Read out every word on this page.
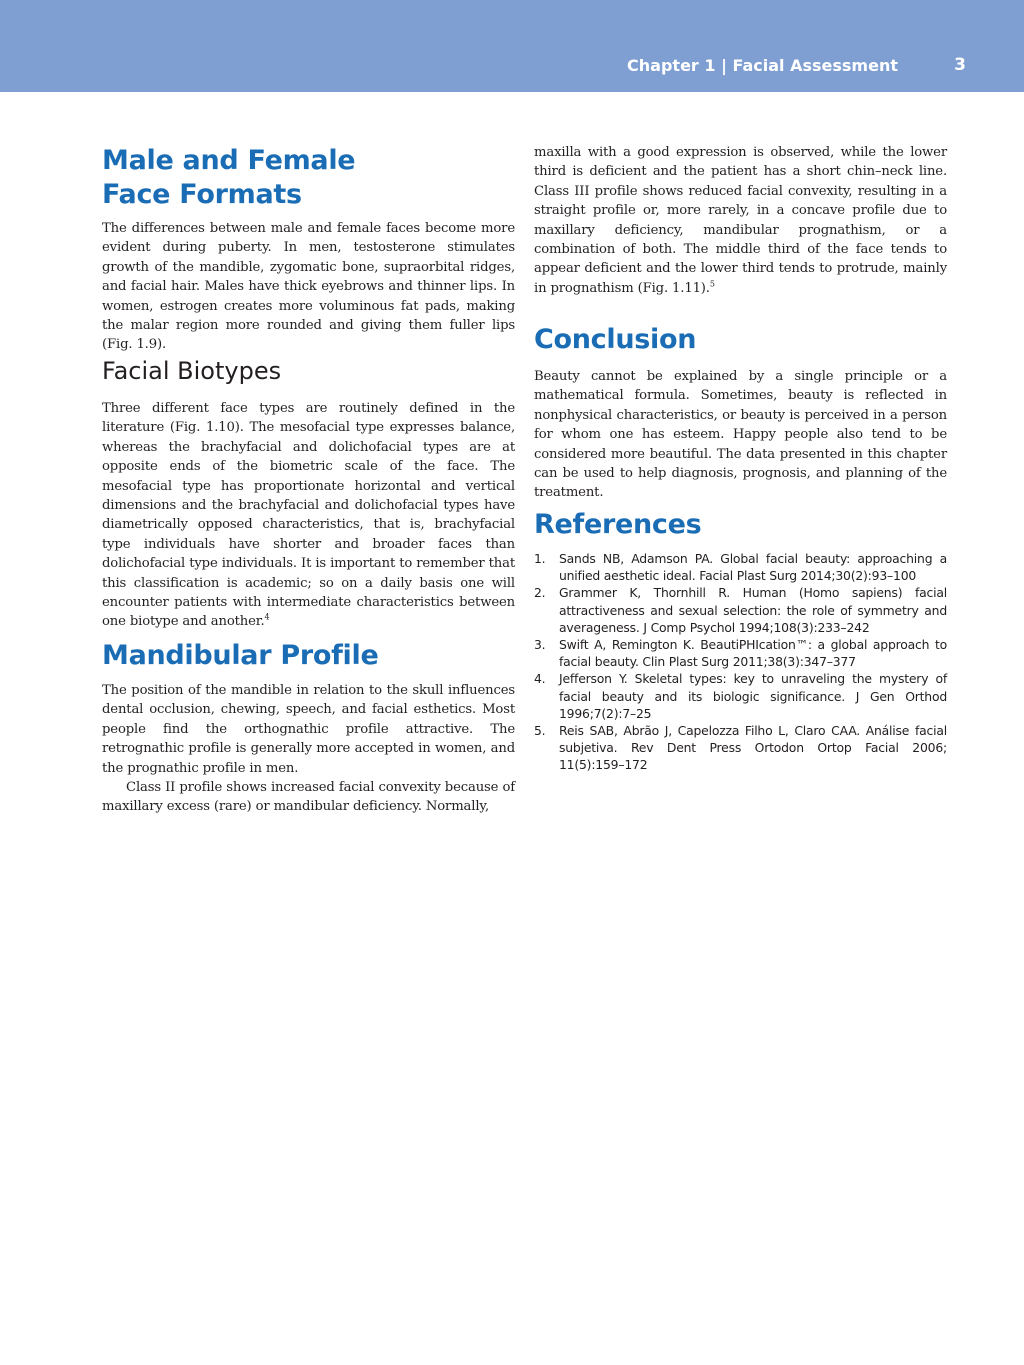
Chapter 1 | Facial Assessment	3
Male and Female Face Formats

The differences between male and female faces become more evident during puberty. In men, testosterone stimulates growth of the mandible, zygomatic bone, supraorbital ridges, and facial hair. Males have thick eyebrows and thinner lips. In women, estrogen creates more voluminous fat pads, making the malar region more rounded and giving them fuller lips (Fig. 1.9).

Facial Biotypes

Three different face types are routinely defined in the literature (Fig. 1.10). The mesofacial type expresses balance, whereas the brachyfacial and dolichofacial types are at opposite ends of the biometric scale of the face. The mesofacial type has proportionate horizontal and vertical dimensions and the brachyfacial and dolichofacial types have diametrically opposed characteristics, that is, brachyfacial type individuals have shorter and broader faces than dolichofacial type individuals. It is important to remember that this classification is academic; so on a daily basis one will encounter patients with intermediate characteristics between one biotype and another.$^4$

Mandibular Profile

The position of the mandible in relation to the skull influences dental occlusion, chewing, speech, and facial esthetics. Most people find the orthognathic profile attractive. The retrognathic profile is generally more accepted in women, and the prognathic profile in men.

Class II profile shows increased facial convexity because of maxillary excess (rare) or mandibular deficiency. Normally,

maxilla with a good expression is observed, while the lower third is deficient and the patient has a short chin–neck line. Class III profile shows reduced facial convexity, resulting in a straight profile or, more rarely, in a concave profile due to maxillary deficiency, mandibular prognathism, or a combination of both. The middle third of the face tends to appear deficient and the lower third tends to protrude, mainly in prognathism (Fig. 1.11).$^5$

Conclusion

Beauty cannot be explained by a single principle or a mathematical formula. Sometimes, beauty is reflected in nonphysical characteristics, or beauty is perceived in a person for whom one has esteem. Happy people also tend to be considered more beautiful. The data presented in this chapter can be used to help diagnosis, prognosis, and planning of the treatment.

References
1. Sands NB, Adamson PA. Global facial beauty: approaching a unified aesthetic ideal. Facial Plast Surg 2014;30(2):93–100
2. Grammer K, Thornhill R. Human (Homo sapiens) facial attractiveness and sexual selection: the role of symmetry and averageness. J Comp Psychol 1994;108(3):233–242
3. Swift A, Remington K. BeautiPHIcation™: a global approach to facial beauty. Clin Plast Surg 2011;38(3):347–377
4. Jefferson Y. Skeletal types: key to unraveling the mystery of facial beauty and its biologic significance. J Gen Orthod 1996;7(2):7–25
5. Reis SAB, Abrão J, Capelozza Filho L, Claro CAA. Análise facial subjetiva. Rev Dent Press Ortodon Ortop Facial 2006; 11(5):159–172
